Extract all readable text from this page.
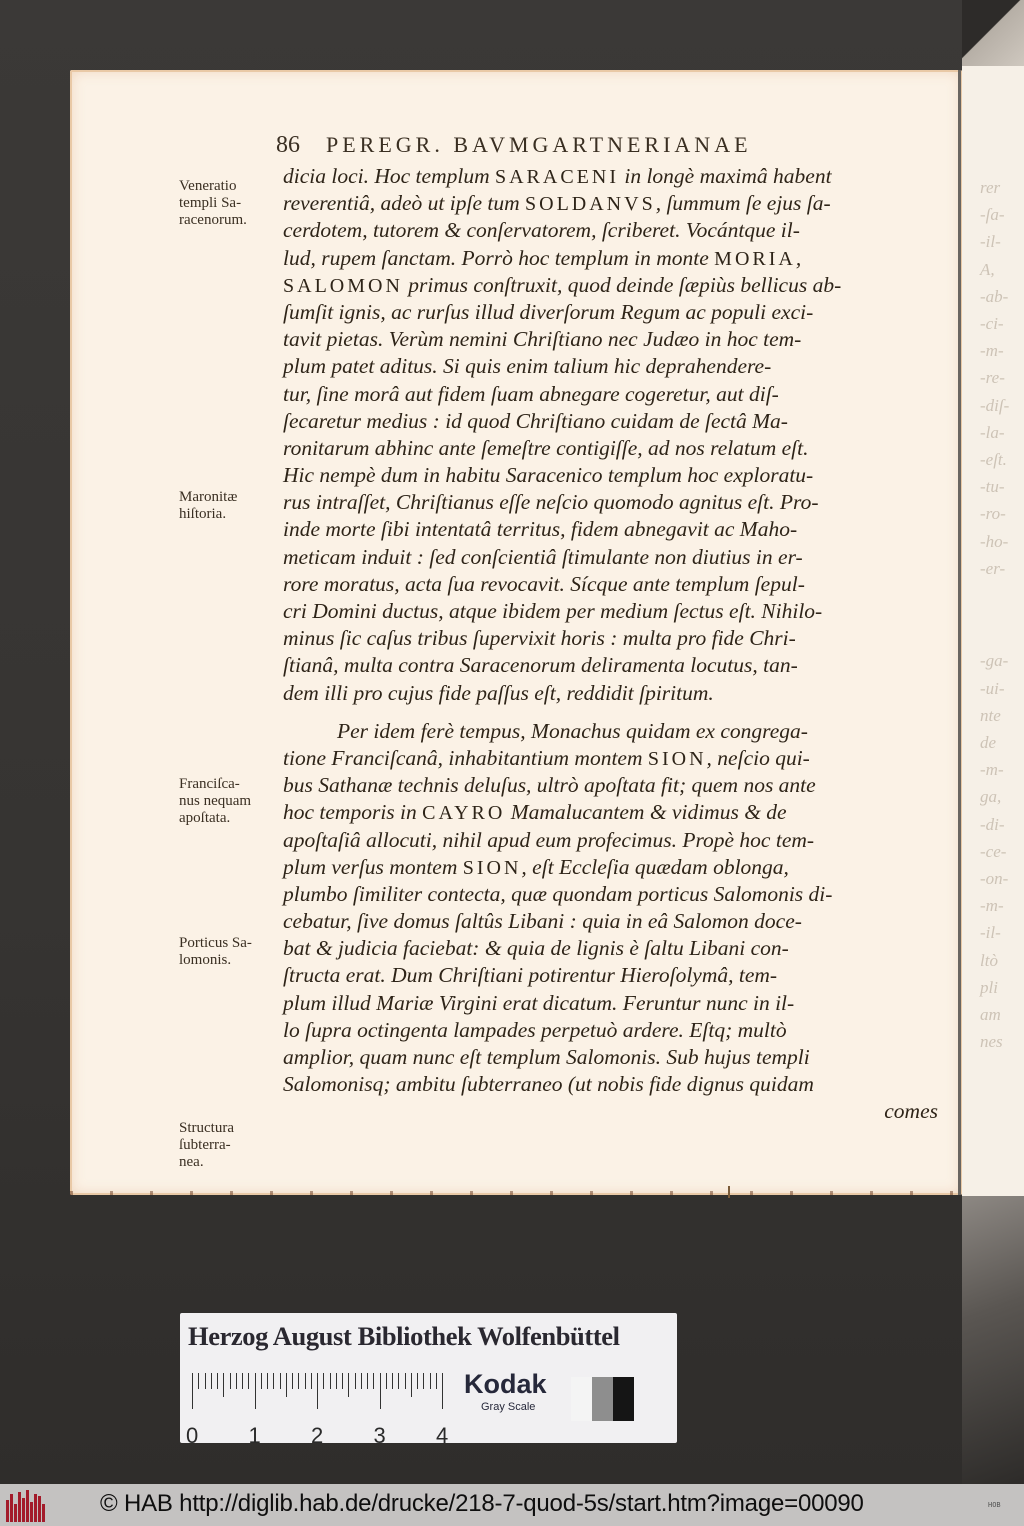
rer
-ſa-
-il-
A,
-ab-
-ci-
-m-
-re-
-diſ-
-la-
-eſt.
-tu-
-ro-
-ho-
-er-
-ga-
-ui-
nte
de
-m-
ga,
-di-
-ce-
-on-
-m-
-il-
ltò
pli
am
nes
86 PEREGR. BAVMGARTNERIANAE
dicia loci. Hoc templum SARACENI in longè maximâ habent
reverentiâ, adeò ut ipſe tum SOLDANVS, ſummum ſe ejus ſa-
cerdotem, tutorem & conſervatorem, ſcriberet. Vocántque il-
lud, rupem ſanctam. Porrò hoc templum in monte MORIA,
SALOMON primus conſtruxit, quod deinde ſæpiùs bellicus ab-
ſumſit ignis, ac rurſus illud diverſorum Regum ac populi exci-
tavit pietas. Verùm nemini Chriſtiano nec Judæo in hoc tem-
plum patet aditus. Si quis enim talium hic deprahendere-
tur, ſine morâ aut fidem ſuam abnegare cogeretur, aut diſ-
ſecaretur medius : id quod Chriſtiano cuidam de ſectâ Ma-
ronitarum abhinc ante ſemeſtre contigiſſe, ad nos relatum eſt.
Hic nempè dum in habitu Saracenico templum hoc exploratu-
rus intraſſet, Chriſtianus eſſe neſcio quomodo agnitus eſt. Pro-
inde morte ſibi intentatâ territus, fidem abnegavit ac Maho-
meticam induit : ſed conſcientiâ ſtimulante non diutius in er-
rore moratus, acta ſua revocavit. Sícque ante templum ſepul-
cri Domini ductus, atque ibidem per medium ſectus eſt. Nihilo-
minus ſic caſus tribus ſupervixit horis : multa pro fide Chri-
ſtianâ, multa contra Saracenorum deliramenta locutus, tan-
dem illi pro cujus fide paſſus eſt, reddidit ſpiritum.
Per idem ferè tempus, Monachus quidam ex congrega-
tione Franciſcanâ, inhabitantium montem SION, neſcio qui-
bus Sathanæ technis deluſus, ultrò apoſtata fit; quem nos ante
hoc temporis in CAYRO Mamalucantem & vidimus & de
apoſtaſiâ allocuti, nihil apud eum profecimus. Propè hoc tem-
plum verſus montem SION, eſt Eccleſia quædam oblonga,
plumbo ſimiliter contecta, quæ quondam porticus Salomonis di-
cebatur, ſive domus ſaltûs Libani : quia in eâ Salomon doce-
bat & judicia faciebat: & quia de lignis è ſaltu Libani con-
ſtructa erat. Dum Chriſtiani potirentur Hieroſolymâ, tem-
plum illud Mariæ Virgini erat dicatum. Feruntur nunc in il-
lo ſupra octingenta lampades perpetuò ardere. Eſtq; multò
amplior, quam nunc eſt templum Salomonis. Sub hujus templi
Salomonisq; ambitu ſubterraneo (ut nobis fide dignus quidam
comes
Veneratio
templi Sa-
racenorum.
Maronitæ
hiſtoria.
Franciſca-
nus nequam
apoſtata.
Porticus Sa-
lomonis.
Structura
ſubterra-
nea.
Herzog August Bibliothek Wolfenbüttel
0 1 2 3 4
Kodak
Gray Scale
© HAB http://diglib.hab.de/drucke/218-7-quod-5s/start.htm?image=00090	HOB
